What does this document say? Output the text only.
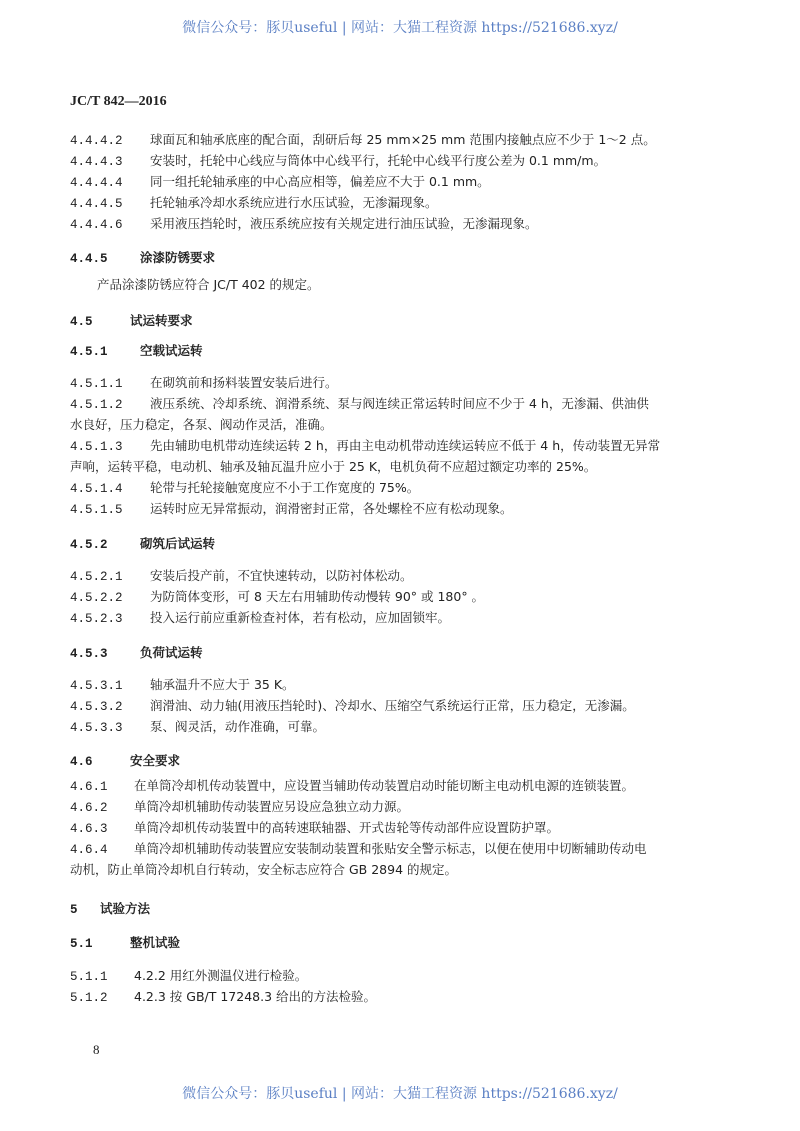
微信公众号：豚贝useful | 网站：大猫工程资源 https://521686.xyz/
JC/T 842—2016
4.4.4.2 球面瓦和轴承底座的配合面，刮研后每 25 mm×25 mm 范围内接触点应不少于 1～2 点。
4.4.4.3 安装时，托轮中心线应与筒体中心线平行，托轮中心线平行度公差为 0.1 mm/m。
4.4.4.4 同一组托轮轴承座的中心高应相等，偏差应不大于 0.1 mm。
4.4.4.5 托轮轴承冷却水系统应进行水压试验，无渗漏现象。
4.4.4.6 采用液压挡轮时，液压系统应按有关规定进行油压试验，无渗漏现象。
4.4.5	涂漆防锈要求
产品涂漆防锈应符合 JC/T 402 的规定。
4.5	试运转要求
4.5.1	空载试运转
4.5.1.1 在砌筑前和扬料装置安装后进行。
4.5.1.2 液压系统、冷却系统、润滑系统、泵与阀连续正常运转时间应不少于 4 h，无渗漏、供油供
水良好，压力稳定，各泵、阀动作灵活，准确。
4.5.1.3 先由辅助电机带动连续运转 2 h，再由主电动机带动连续运转应不低于 4 h，传动装置无异常
声响，运转平稳，电动机、轴承及轴瓦温升应小于 25 K，电机负荷不应超过额定功率的 25%。
4.5.1.4 轮带与托轮接触宽度应不小于工作宽度的 75%。
4.5.1.5 运转时应无异常振动，润滑密封正常，各处螺栓不应有松动现象。
4.5.2	砌筑后试运转
4.5.2.1 安装后投产前，不宜快速转动，以防衬体松动。
4.5.2.2 为防筒体变形，可 8 天左右用辅助传动慢转 90° 或 180° 。
4.5.2.3 投入运行前应重新检查衬体，若有松动，应加固锁牢。
4.5.3	负荷试运转
4.5.3.1 轴承温升不应大于 35 K。
4.5.3.2 润滑油、动力轴(用液压挡轮时)、冷却水、压缩空气系统运行正常，压力稳定，无渗漏。
4.5.3.3 泵、阀灵活，动作准确，可靠。
4.6	安全要求
4.6.1 在单筒冷却机传动装置中，应设置当辅助传动装置启动时能切断主电动机电源的连锁装置。
4.6.2 单筒冷却机辅助传动装置应另设应急独立动力源。
4.6.3 单筒冷却机传动装置中的高转速联轴器、开式齿轮等传动部件应设置防护罩。
4.6.4 单筒冷却机辅助传动装置应安装制动装置和张贴安全警示标志，以便在使用中切断辅助传动电
动机，防止单筒冷却机自行转动，安全标志应符合 GB 2894 的规定。
5 试验方法
5.1	整机试验
5.1.1 4.2.2 用红外测温仪进行检验。
5.1.2 4.2.3 按 GB/T 17248.3 给出的方法检验。
8
微信公众号：豚贝useful | 网站：大猫工程资源 https://521686.xyz/
